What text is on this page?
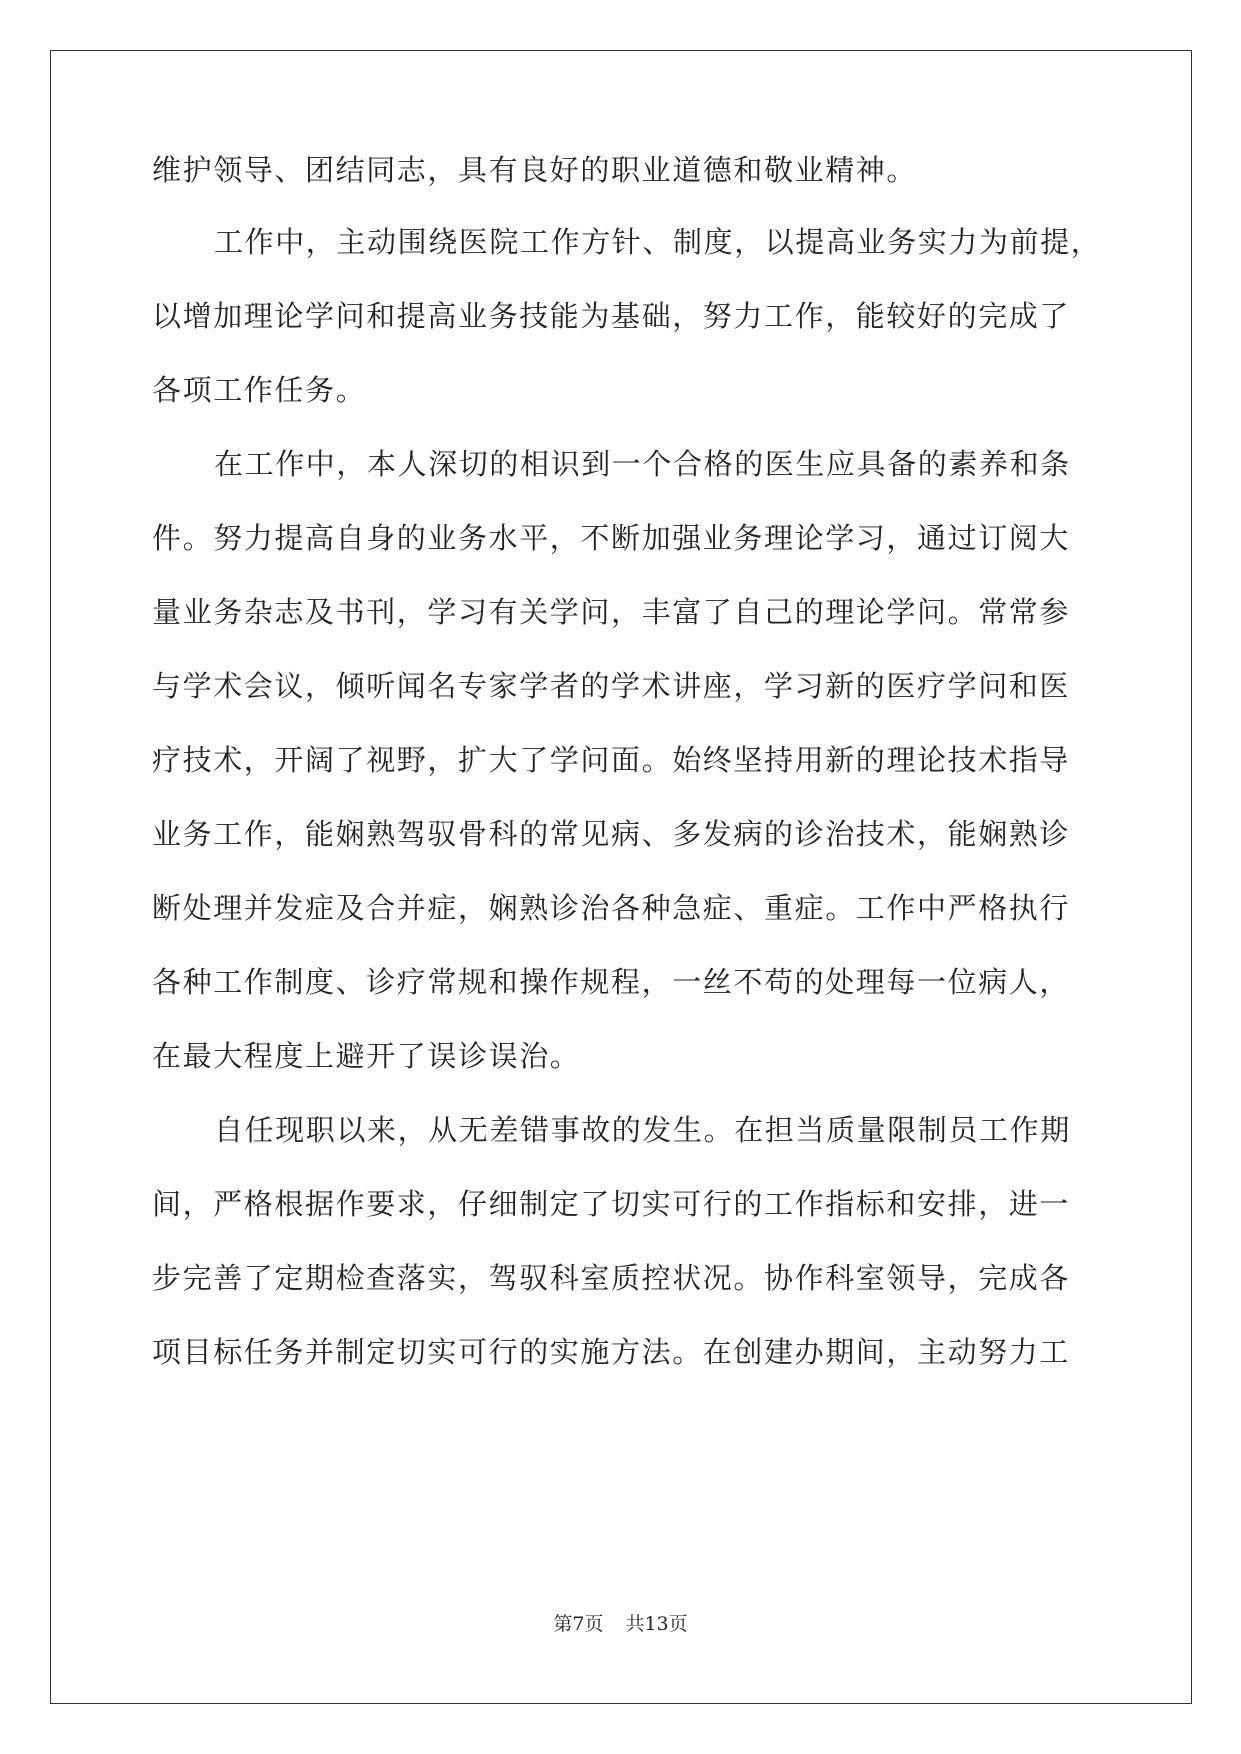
维护领导、团结同志，具有良好的职业道德和敬业精神。
工作中，主动围绕医院工作方针、制度，以提高业务实力为前提，
以增加理论学问和提高业务技能为基础，努力工作，能较好的完成了
各项工作任务。
在工作中，本人深切的相识到一个合格的医生应具备的素养和条
件。努力提高自身的业务水平，不断加强业务理论学习，通过订阅大
量业务杂志及书刊，学习有关学问，丰富了自己的理论学问。常常参
与学术会议，倾听闻名专家学者的学术讲座，学习新的医疗学问和医
疗技术，开阔了视野，扩大了学问面。始终坚持用新的理论技术指导
业务工作，能娴熟驾驭骨科的常见病、多发病的诊治技术，能娴熟诊
断处理并发症及合并症，娴熟诊治各种急症、重症。工作中严格执行
各种工作制度、诊疗常规和操作规程，一丝不苟的处理每一位病人，
在最大程度上避开了误诊误治。
自任现职以来，从无差错事故的发生。在担当质量限制员工作期
间，严格根据作要求，仔细制定了切实可行的工作指标和安排，进一
步完善了定期检查落实，驾驭科室质控状况。协作科室领导，完成各
项目标任务并制定切实可行的实施方法。在创建办期间，主动努力工
第7页 共13页
